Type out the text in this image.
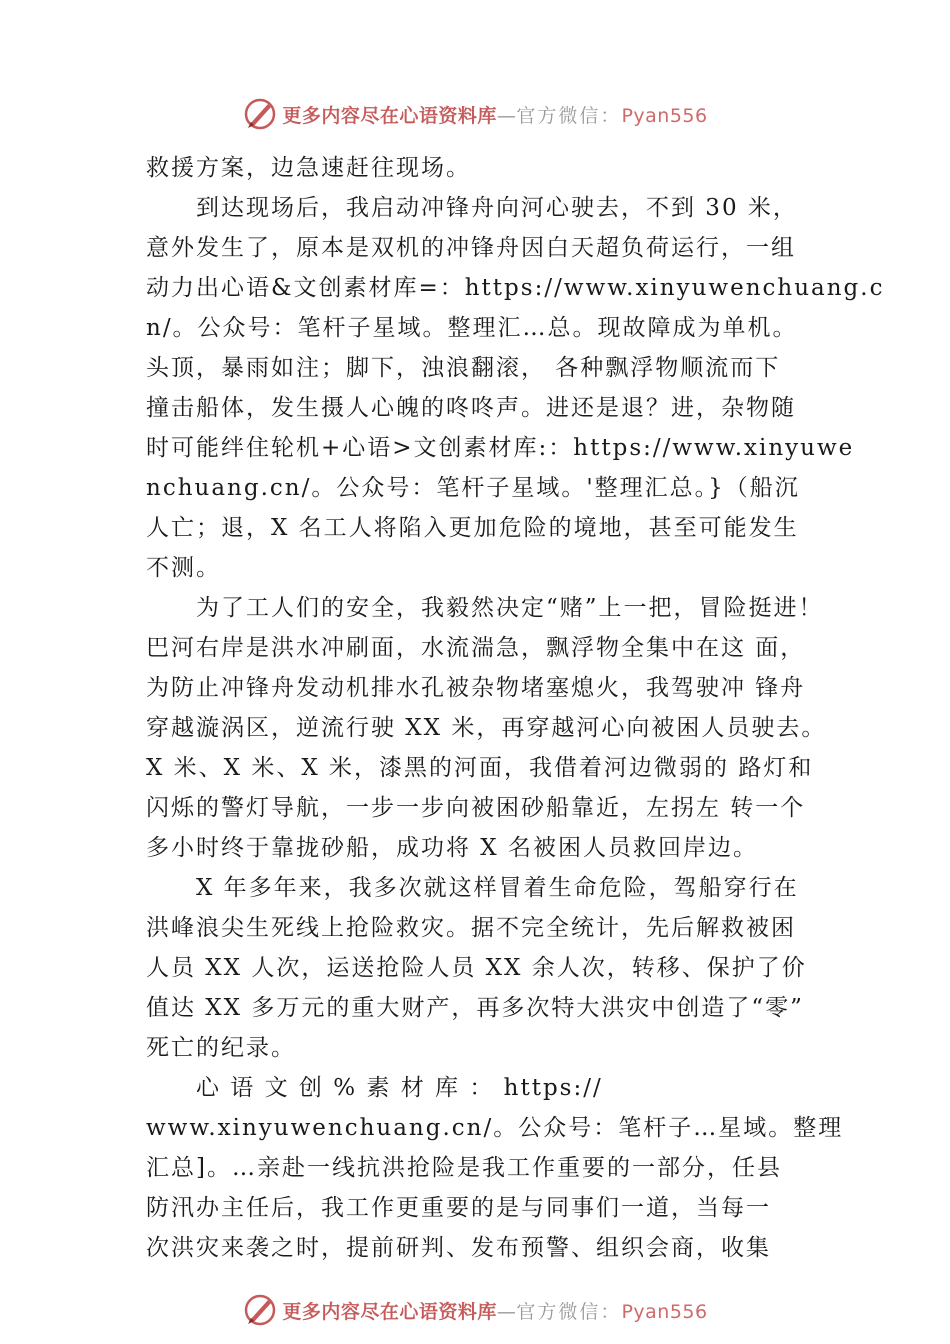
更多内容尽在心语资料库—官方微信：Pyan556
救援方案，边急速赶往现场。
到达现场后，我启动冲锋舟向河心驶去，不到 30 米，
意外发生了，原本是双机的冲锋舟因白天超负荷运行，一组
动力出心语&文创素材库=：https://www.xinyuwenchuang.c
n/。公众号：笔杆子星域。整理汇…总。现故障成为单机。
头顶，暴雨如注；脚下，浊浪翻滚， 各种飘浮物顺流而下
撞击船体，发生摄人心魄的咚咚声。进还是退？进，杂物随
时可能绊住轮机+心语>文创素材库:：https://www.xinyuwe
nchuang.cn/。公众号：笔杆子星域。'整理汇总。}（船沉
人亡；退，X 名工人将陷入更加危险的境地，甚至可能发生
不测。
为了工人们的安全，我毅然决定“赌”上一把，冒险挺进！
巴河右岸是洪水冲刷面，水流湍急，飘浮物全集中在这 面，
为防止冲锋舟发动机排水孔被杂物堵塞熄火，我驾驶冲 锋舟
穿越漩涡区，逆流行驶 XX 米，再穿越河心向被困人员驶去。
X 米、X 米、X 米，漆黑的河面，我借着河边微弱的 路灯和
闪烁的警灯导航，一步一步向被困砂船靠近，左拐左 转一个
多小时终于靠拢砂船，成功将 X 名被困人员救回岸边。
X 年多年来，我多次就这样冒着生命危险，驾船穿行在
洪峰浪尖生死线上抢险救灾。据不完全统计，先后解救被困
人员 XX 人次，运送抢险人员 XX 余人次，转移、保护了价
值达 XX 多万元的重大财产，再多次特大洪灾中创造了“零”
死亡的纪录。
心 语 文 创 % 素 材 库 ： https://
www.xinyuwenchuang.cn/。公众号：笔杆子…星域。整理
汇总]。…亲赴一线抗洪抢险是我工作重要的一部分，任县
防汛办主任后，我工作更重要的是与同事们一道，当每一
次洪灾来袭之时，提前研判、发布预警、组织会商，收集
更多内容尽在心语资料库—官方微信：Pyan556
